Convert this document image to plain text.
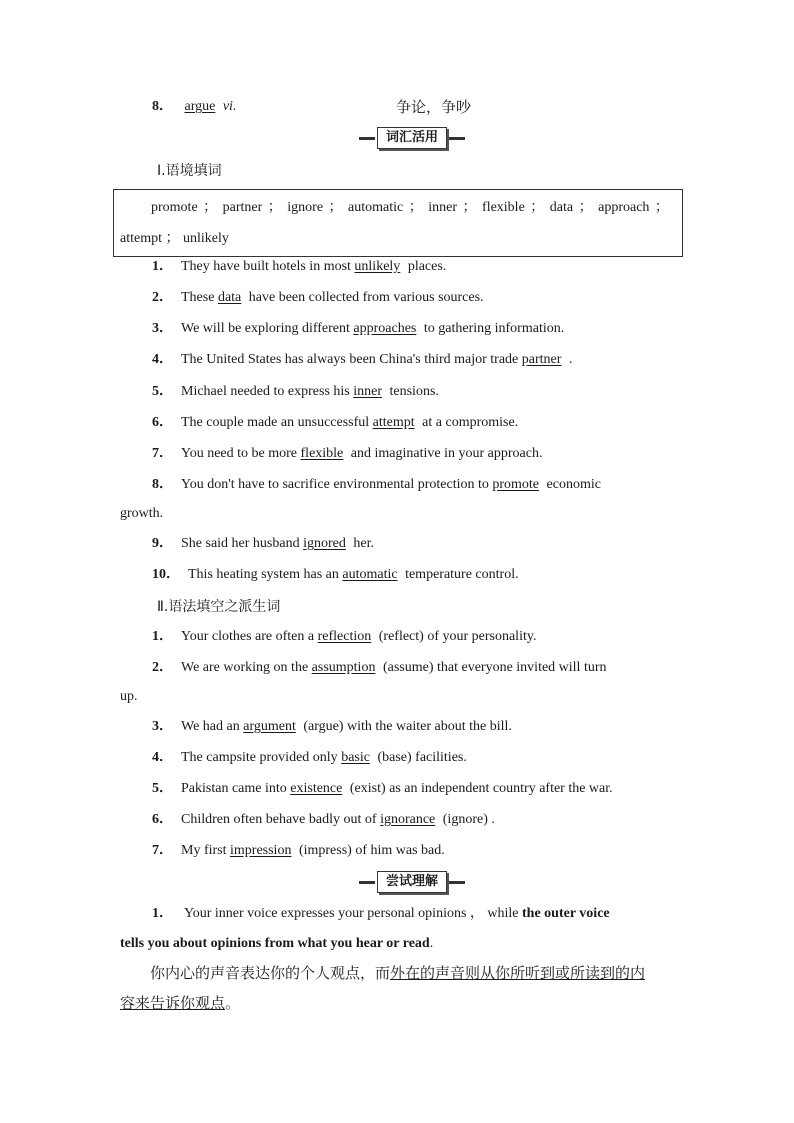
8． argue vi.	争论，争吵
词汇活用
Ⅰ.语境填词
promote ； partner ； ignore ； automatic ； inner ； flexible ； data ； approach ；
attempt ； unlikely
1． They have built hotels in most unlikely places.
2． These data have been collected from various sources.
3． We will be exploring different approaches to gathering information.
4． The United States has always been China's third major trade partner .
5． Michael needed to express his inner tensions.
6． The couple made an unsuccessful attempt at a compromise.
7． You need to be more flexible and imaginative in your approach.
8． You don't have to sacrifice environmental protection to promote economic
growth.
9． She said her husband ignored her.
10． This heating system has an automatic temperature control.
Ⅱ.语法填空之派生词
1． Your clothes are often a reflection (reflect) of your personality.
2． We are working on the assumption (assume) that everyone invited will turn
up.
3． We had an argument (argue) with the waiter about the bill.
4． The campsite provided only basic (base) facilities.
5． Pakistan came into existence (exist) as an independent country after the war.
6． Children often behave badly out of ignorance (ignore) .
7． My first impression (impress) of him was bad.
尝试理解
1． Your inner voice expresses your personal opinions ， while the outer voice
tells you about opinions from what you hear or read.
你内心的声音表达你的个人观点，而外在的声音则从你所听到或所读到的内
容来告诉你观点。
